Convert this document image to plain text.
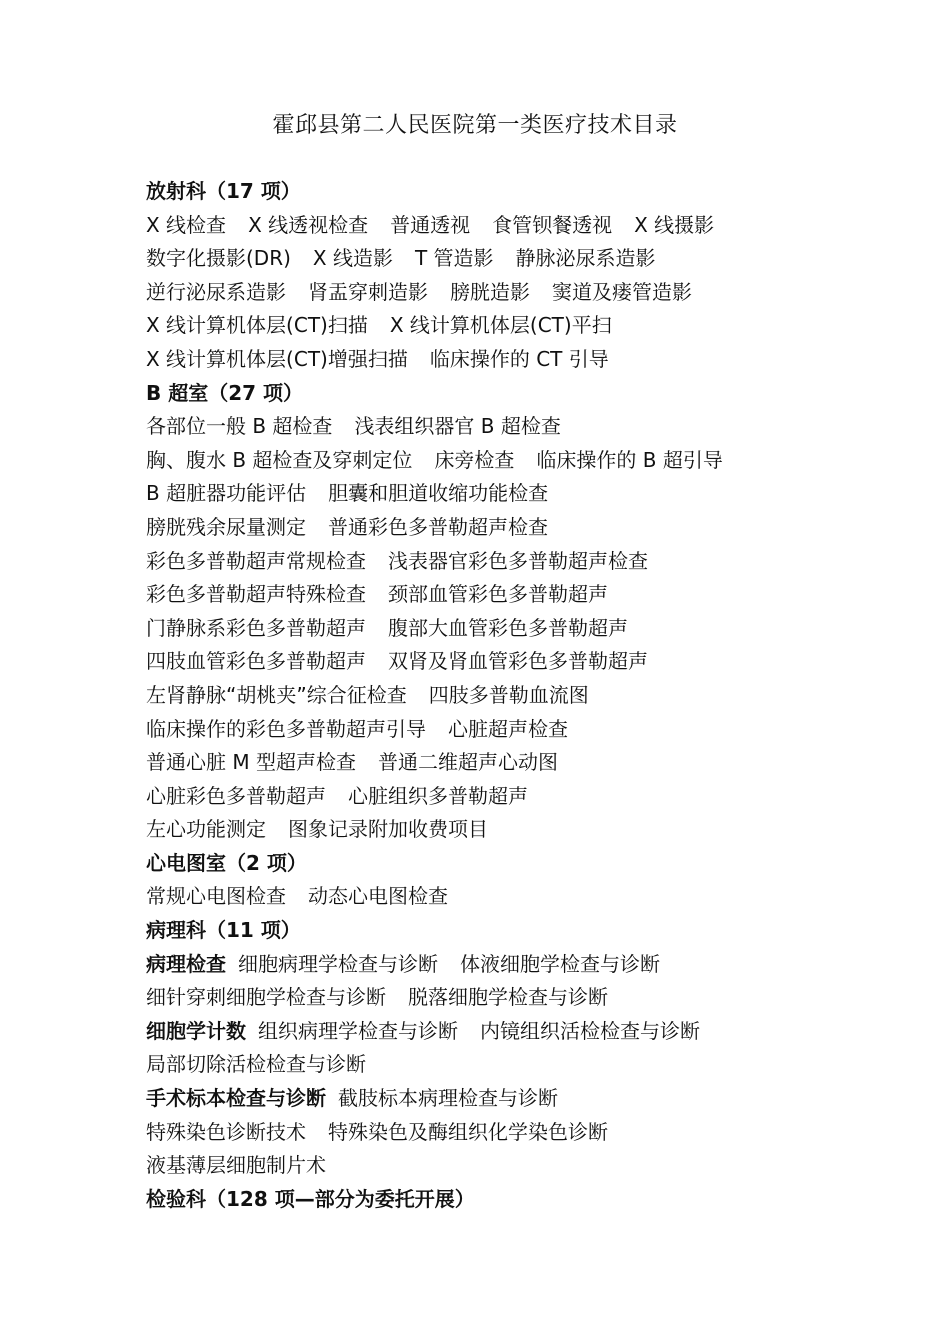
霍邱县第二人民医院第一类医疗技术目录
放射科（17 项）
X 线检查 X 线透视检查 普通透视 食管钡餐透视 X 线摄影
数字化摄影(DR) X 线造影 T 管造影 静脉泌尿系造影
逆行泌尿系造影 肾盂穿刺造影 膀胱造影 窦道及瘘管造影
X 线计算机体层(CT)扫描 X 线计算机体层(CT)平扫
X 线计算机体层(CT)增强扫描 临床操作的 CT 引导
B 超室（27 项）
各部位一般 B 超检查 浅表组织器官 B 超检查
胸、腹水 B 超检查及穿刺定位 床旁检查 临床操作的 B 超引导
B 超脏器功能评估 胆囊和胆道收缩功能检查
膀胱残余尿量测定 普通彩色多普勒超声检查
彩色多普勒超声常规检查 浅表器官彩色多普勒超声检查
彩色多普勒超声特殊检查 颈部血管彩色多普勒超声
门静脉系彩色多普勒超声 腹部大血管彩色多普勒超声
四肢血管彩色多普勒超声 双肾及肾血管彩色多普勒超声
左肾静脉“胡桃夹”综合征检查 四肢多普勒血流图
临床操作的彩色多普勒超声引导 心脏超声检查
普通心脏 M 型超声检查 普通二维超声心动图
心脏彩色多普勒超声 心脏组织多普勒超声
左心功能测定 图象记录附加收费项目
心电图室（2 项）
常规心电图检查 动态心电图检查
病理科（11 项）
病理检查 细胞病理学检查与诊断 体液细胞学检查与诊断
细针穿刺细胞学检查与诊断 脱落细胞学检查与诊断
细胞学计数 组织病理学检查与诊断 内镜组织活检检查与诊断
局部切除活检检查与诊断
手术标本检查与诊断 截肢标本病理检查与诊断
特殊染色诊断技术 特殊染色及酶组织化学染色诊断
液基薄层细胞制片术
检验科（128 项—部分为委托开展）
